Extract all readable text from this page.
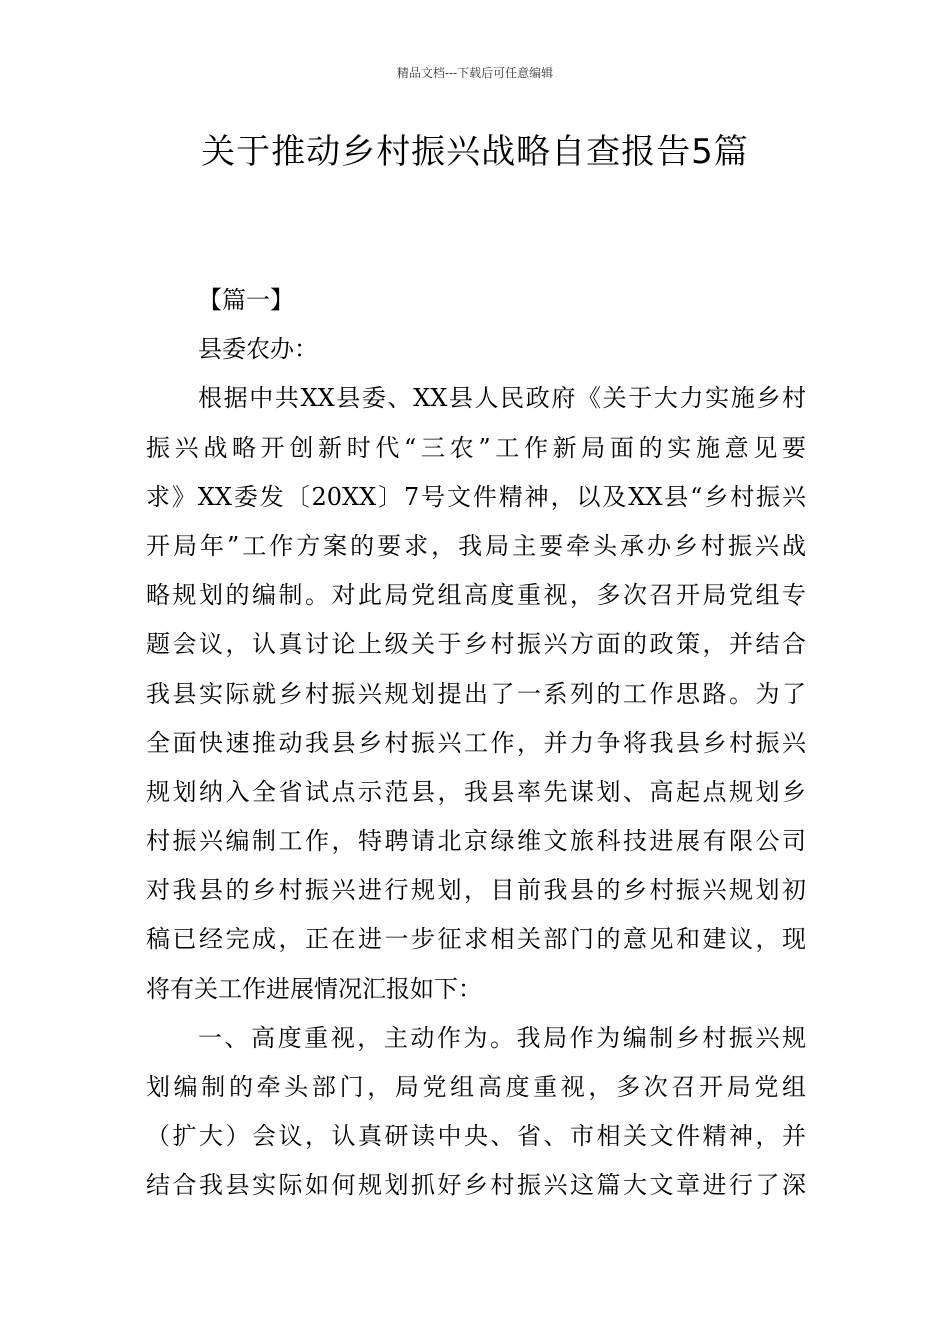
精品文档---下载后可任意编辑
关于推动乡村振兴战略自查报告5篇
【篇一】
县委农办：
根据中共XX县委、XX县人民政府《关于大力实施乡村
振兴战略开创新时代“三农”工作新局面的实施意见要
求》XX委发〔20XX〕7号文件精神，以及XX县“乡村振兴
开局年”工作方案的要求，我局主要牵头承办乡村振兴战
略规划的编制。对此局党组高度重视，多次召开局党组专
题会议，认真讨论上级关于乡村振兴方面的政策，并结合
我县实际就乡村振兴规划提出了一系列的工作思路。为了
全面快速推动我县乡村振兴工作，并力争将我县乡村振兴
规划纳入全省试点示范县，我县率先谋划、高起点规划乡
村振兴编制工作，特聘请北京绿维文旅科技进展有限公司
对我县的乡村振兴进行规划，目前我县的乡村振兴规划初
稿已经完成，正在进一步征求相关部门的意见和建议，现
将有关工作进展情况汇报如下：
一、高度重视，主动作为。我局作为编制乡村振兴规
划编制的牵头部门，局党组高度重视，多次召开局党组
（扩大）会议，认真研读中央、省、市相关文件精神，并
结合我县实际如何规划抓好乡村振兴这篇大文章进行了深
